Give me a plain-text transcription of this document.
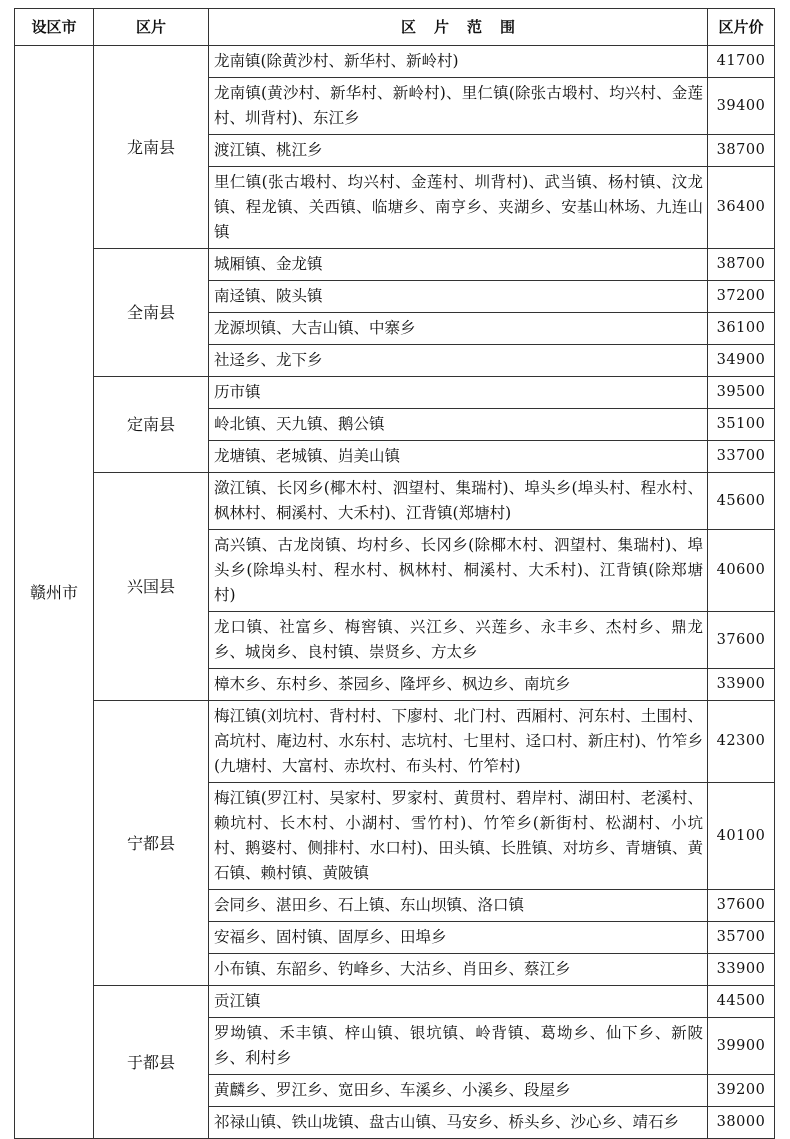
设区市	区片	区片范围	区片价
赣州市	龙南县	龙南镇(除黄沙村、新华村、新岭村)	41700
		龙南镇(黄沙村、新华村、新岭村)、里仁镇(除张古塅村、均兴村、金莲村、圳背村)、东江乡	39400
		渡江镇、桃江乡	38700
		里仁镇(张古塅村、均兴村、金莲村、圳背村)、武当镇、杨村镇、汶龙镇、程龙镇、关西镇、临塘乡、南亨乡、夹湖乡、安基山林场、九连山镇	36400
	全南县	城厢镇、金龙镇	38700
		南迳镇、陂头镇	37200
		龙源坝镇、大吉山镇、中寨乡	36100
		社迳乡、龙下乡	34900
	定南县	历市镇	39500
		岭北镇、天九镇、鹅公镇	35100
		龙塘镇、老城镇、岿美山镇	33700
	兴国县	潋江镇、长冈乡(椰木村、泗望村、集瑞村)、埠头乡(埠头村、程水村、枫林村、桐溪村、大禾村)、江背镇(郑塘村)	45600
		高兴镇、古龙岗镇、均村乡、长冈乡(除椰木村、泗望村、集瑞村)、埠头乡(除埠头村、程水村、枫林村、桐溪村、大禾村)、江背镇(除郑塘村)	40600
		龙口镇、社富乡、梅窖镇、兴江乡、兴莲乡、永丰乡、杰村乡、鼎龙乡、城岗乡、良村镇、崇贤乡、方太乡	37600
		樟木乡、东村乡、茶园乡、隆坪乡、枫边乡、南坑乡	33900
	宁都县	梅江镇(刘坑村、背村村、下廖村、北门村、西厢村、河东村、土围村、高坑村、庵边村、水东村、志坑村、七里村、迳口村、新庄村)、竹笮乡(九塘村、大富村、赤坎村、布头村、竹笮村)	42300
		梅江镇(罗江村、吴家村、罗家村、黄贯村、碧岸村、湖田村、老溪村、赖坑村、长木村、小湖村、雪竹村)、竹笮乡(新街村、松湖村、小坑村、鹅婆村、侧排村、水口村)、田头镇、长胜镇、对坊乡、青塘镇、黄石镇、赖村镇、黄陂镇	40100
		会同乡、湛田乡、石上镇、东山坝镇、洛口镇	37600
		安福乡、固村镇、固厚乡、田埠乡	35700
		小布镇、东韶乡、钓峰乡、大沽乡、肖田乡、蔡江乡	33900
	于都县	贡江镇	44500
		罗坳镇、禾丰镇、梓山镇、银坑镇、岭背镇、葛坳乡、仙下乡、新陂乡、利村乡	39900
		黄麟乡、罗江乡、宽田乡、车溪乡、小溪乡、段屋乡	39200
		祁禄山镇、铁山垅镇、盘古山镇、马安乡、桥头乡、沙心乡、靖石乡	38000
